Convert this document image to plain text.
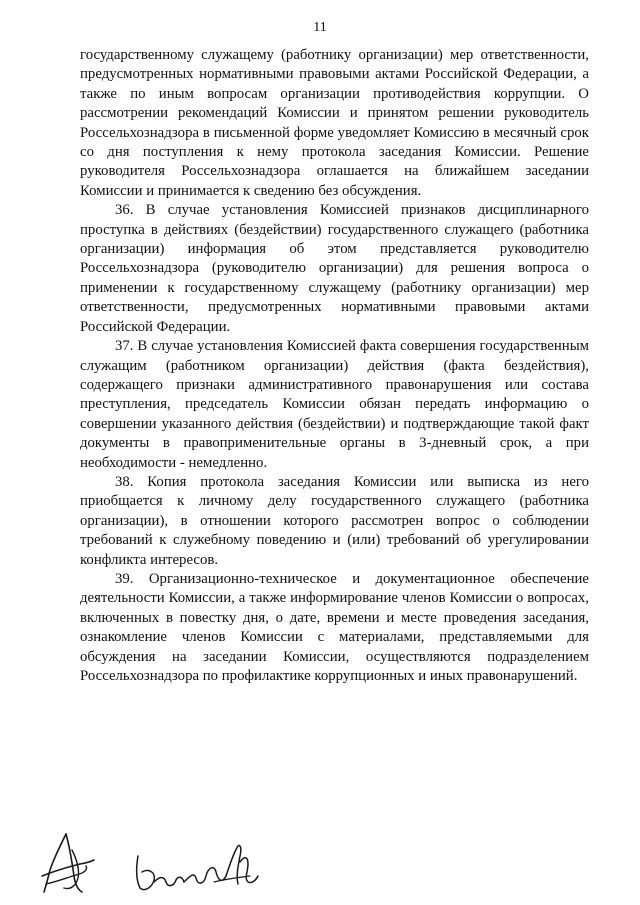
11

государственному служащему (работнику организации) мер ответственности, предусмотренных нормативными правовыми актами Российской Федерации, а также по иным вопросам организации противодействия коррупции. О рассмотрении рекомендаций Комиссии и принятом решении руководитель Россельхознадзора в письменной форме уведомляет Комиссию в месячный срок со дня поступления к нему протокола заседания Комиссии. Решение руководителя Россельхознадзора оглашается на ближайшем заседании Комиссии и принимается к сведению без обсуждения.

36. В случае установления Комиссией признаков дисциплинарного проступка в действиях (бездействии) государственного служащего (работника организации) информация об этом представляется руководителю Россельхознадзора (руководителю организации) для решения вопроса о применении к государственному служащему (работнику организации) мер ответственности, предусмотренных нормативными правовыми актами Российской Федерации.

37. В случае установления Комиссией факта совершения государственным служащим (работником организации) действия (факта бездействия), содержащего признаки административного правонарушения или состава преступления, председатель Комиссии обязан передать информацию о совершении указанного действия (бездействии) и подтверждающие такой факт документы в правоприменительные органы в 3-дневный срок, а при необходимости - немедленно.

38. Копия протокола заседания Комиссии или выписка из него приобщается к личному делу государственного служащего (работника организации), в отношении которого рассмотрен вопрос о соблюдении требований к служебному поведению и (или) требований об урегулировании конфликта интересов.

39. Организационно-техническое и документационное обеспечение деятельности Комиссии, а также информирование членов Комиссии о вопросах, включенных в повестку дня, о дате, времени и месте проведения заседания, ознакомление членов Комиссии с материалами, представляемыми для обсуждения на заседании Комиссии, осуществляются подразделением Россельхознадзора по профилактике коррупционных и иных правонарушений.
